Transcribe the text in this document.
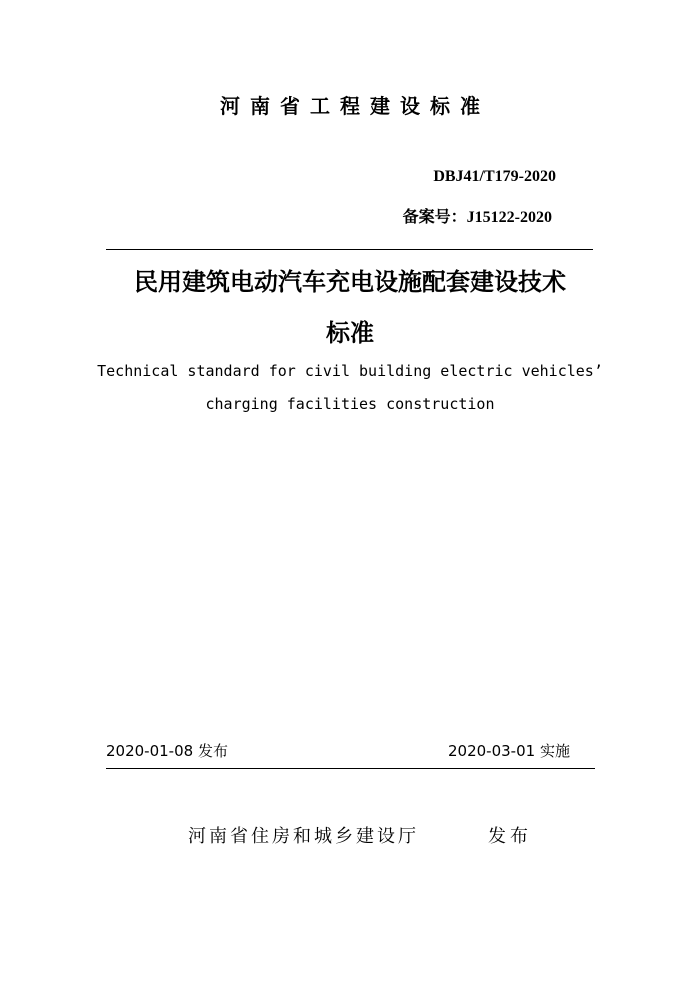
河南省工程建设标准
DBJ41/T179-2020
备案号：J15122-2020
民用建筑电动汽车充电设施配套建设技术
标准
Technical standard for civil building electric vehicles’
charging facilities construction
2020-01-08 发布	2020-03-01 实施
河南省住房和城乡建设厅	发布
